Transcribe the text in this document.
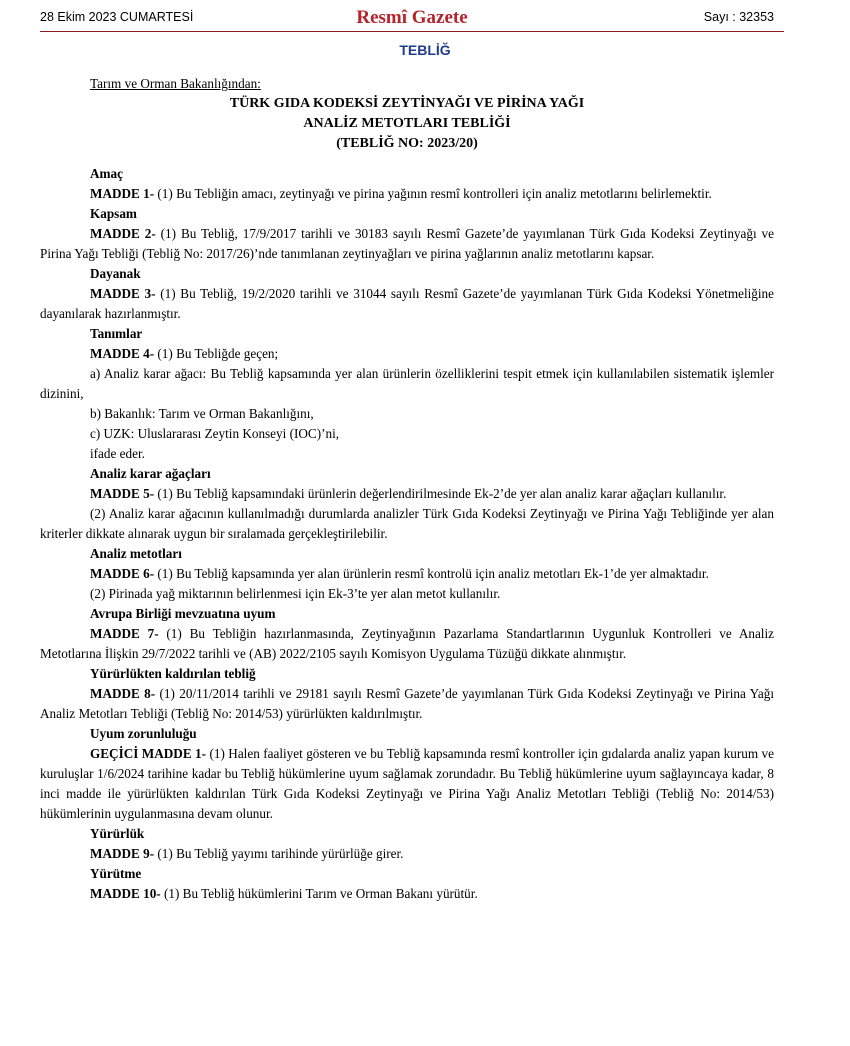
28 Ekim 2023 CUMARTESİ	Resmî Gazete	Sayı : 32353
TEBLİĞ

Tarım ve Orman Bakanlığından:

TÜRK GIDA KODEKSİ ZEYTİNYAĞI VE PİRİNA YAĞI

ANALİZ METOTLARI TEBLİĞİ

(TEBLİĞ NO: 2023/20)

Amaç

MADDE 1- (1) Bu Tebliğin amacı, zeytinyağı ve pirina yağının resmî kontrolleri için analiz metotlarını belirlemektir.

Kapsam

MADDE 2- (1) Bu Tebliğ, 17/9/2017 tarihli ve 30183 sayılı Resmî Gazete’de yayımlanan Türk Gıda Kodeksi Zeytinyağı ve Pirina Yağı Tebliği (Tebliğ No: 2017/26)’nde tanımlanan zeytinyağları ve pirina yağlarının analiz metotlarını kapsar.

Dayanak

MADDE 3- (1) Bu Tebliğ, 19/2/2020 tarihli ve 31044 sayılı Resmî Gazete’de yayımlanan Türk Gıda Kodeksi Yönetmeliğine dayanılarak hazırlanmıştır.

Tanımlar

MADDE 4- (1) Bu Tebliğde geçen;

a) Analiz karar ağacı: Bu Tebliğ kapsamında yer alan ürünlerin özelliklerini tespit etmek için kullanılabilen sistematik işlemler dizinini,

b) Bakanlık: Tarım ve Orman Bakanlığını,

c) UZK: Uluslararası Zeytin Konseyi (IOC)’ni,

ifade eder.

Analiz karar ağaçları

MADDE 5- (1) Bu Tebliğ kapsamındaki ürünlerin değerlendirilmesinde Ek-2’de yer alan analiz karar ağaçları kullanılır.

(2) Analiz karar ağacının kullanılmadığı durumlarda analizler Türk Gıda Kodeksi Zeytinyağı ve Pirina Yağı Tebliğinde yer alan kriterler dikkate alınarak uygun bir sıralamada gerçekleştirilebilir.

Analiz metotları

MADDE 6- (1) Bu Tebliğ kapsamında yer alan ürünlerin resmî kontrolü için analiz metotları Ek-1’de yer almaktadır.

(2) Pirinada yağ miktarının belirlenmesi için Ek-3’te yer alan metot kullanılır.

Avrupa Birliği mevzuatına uyum

MADDE 7- (1) Bu Tebliğin hazırlanmasında, Zeytinyağının Pazarlama Standartlarının Uygunluk Kontrolleri ve Analiz Metotlarına İlişkin 29/7/2022 tarihli ve (AB) 2022/2105 sayılı Komisyon Uygulama Tüzüğü dikkate alınmıştır.

Yürürlükten kaldırılan tebliğ

MADDE 8- (1) 20/11/2014 tarihli ve 29181 sayılı Resmî Gazete’de yayımlanan Türk Gıda Kodeksi Zeytinyağı ve Pirina Yağı Analiz Metotları Tebliği (Tebliğ No: 2014/53) yürürlükten kaldırılmıştır.

Uyum zorunluluğu

GEÇİCİ MADDE 1- (1) Halen faaliyet gösteren ve bu Tebliğ kapsamında resmî kontroller için gıdalarda analiz yapan kurum ve kuruluşlar 1/6/2024 tarihine kadar bu Tebliğ hükümlerine uyum sağlamak zorundadır. Bu Tebliğ hükümlerine uyum sağlayıncaya kadar, 8 inci madde ile yürürlükten kaldırılan Türk Gıda Kodeksi Zeytinyağı ve Pirina Yağı Analiz Metotları Tebliği (Tebliğ No: 2014/53) hükümlerinin uygulanmasına devam olunur.

Yürürlük

MADDE 9- (1) Bu Tebliğ yayımı tarihinde yürürlüğe girer.

Yürütme

MADDE 10- (1) Bu Tebliğ hükümlerini Tarım ve Orman Bakanı yürütür.
